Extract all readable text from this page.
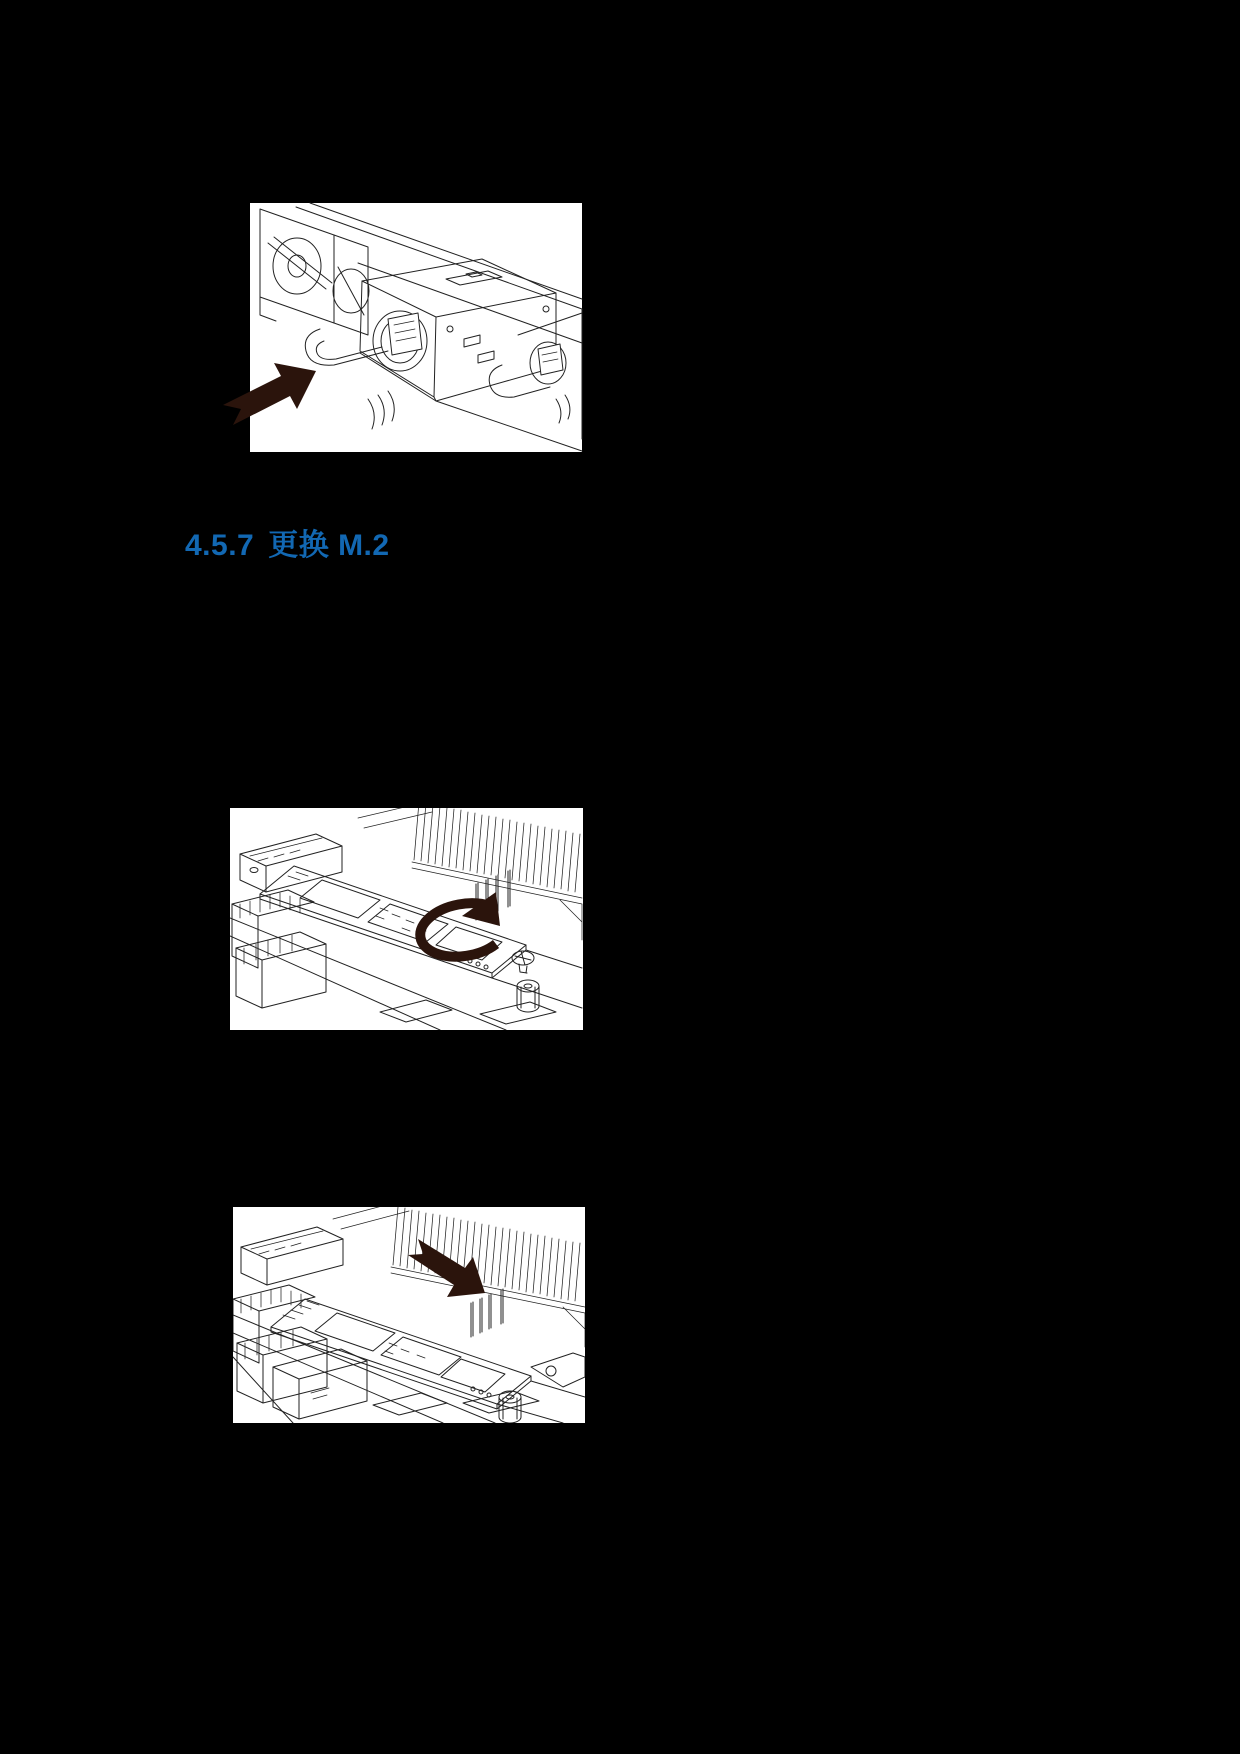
4.5.7 更换 M.2
